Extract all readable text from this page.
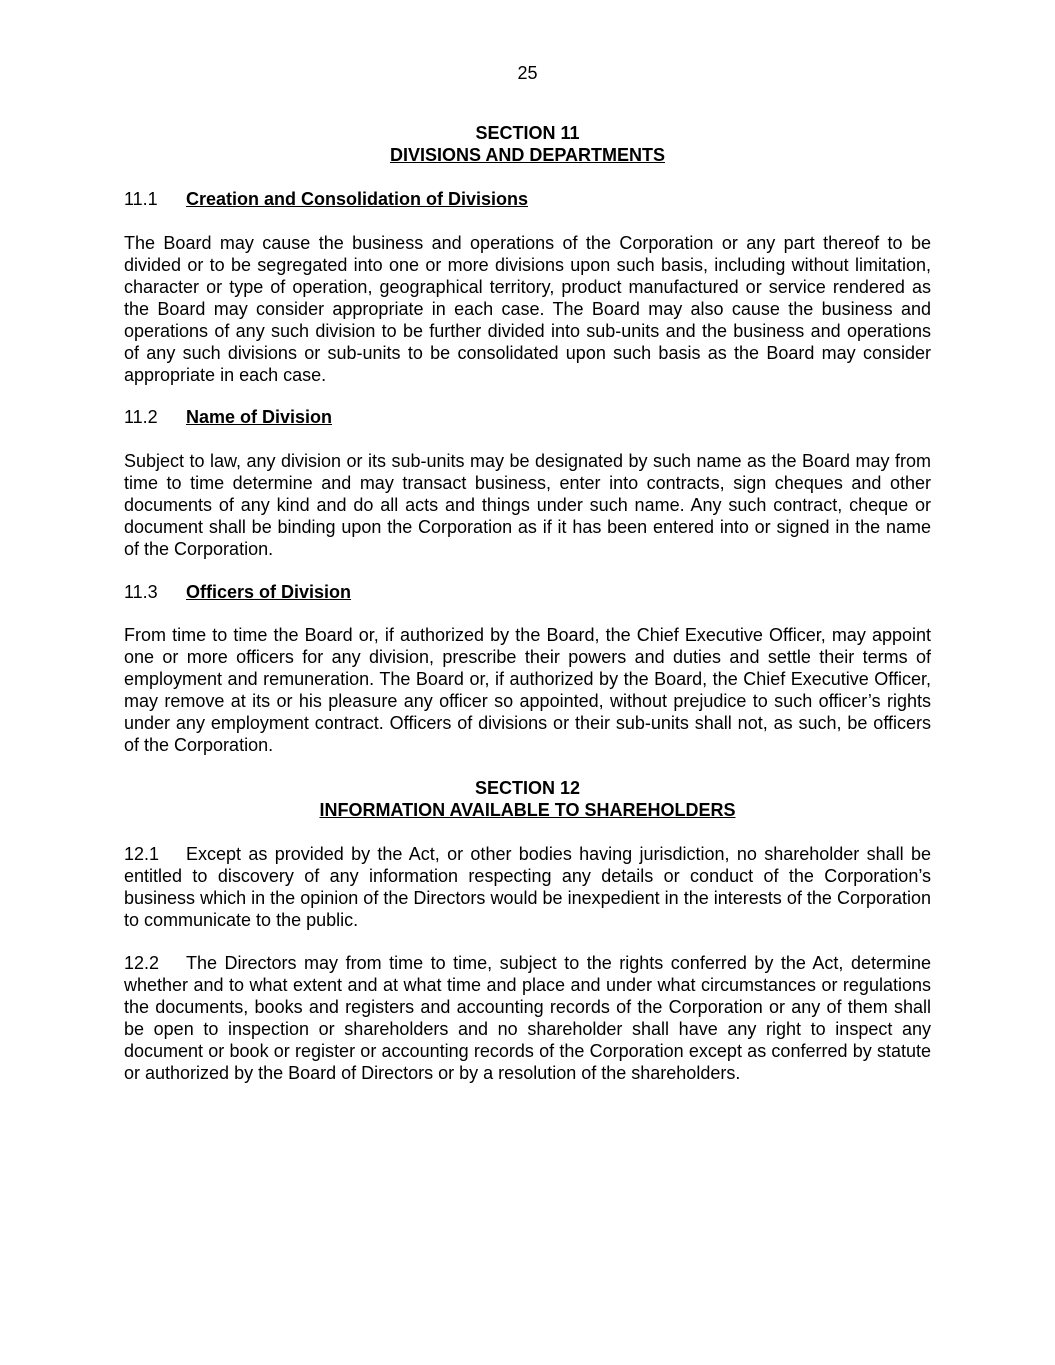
25

SECTION 11
DIVISIONS AND DEPARTMENTS
11.1 Creation and Consolidation of Divisions

The Board may cause the business and operations of the Corporation or any part thereof to be divided or to be segregated into one or more divisions upon such basis, including without limitation, character or type of operation, geographical territory, product manufactured or service rendered as the Board may consider appropriate in each case. The Board may also cause the business and operations of any such division to be further divided into sub-units and the business and operations of any such divisions or sub-units to be consolidated upon such basis as the Board may consider appropriate in each case.

11.2 Name of Division

Subject to law, any division or its sub-units may be designated by such name as the Board may from time to time determine and may transact business, enter into contracts, sign cheques and other documents of any kind and do all acts and things under such name. Any such contract, cheque or document shall be binding upon the Corporation as if it has been entered into or signed in the name of the Corporation.

11.3 Officers of Division

From time to time the Board or, if authorized by the Board, the Chief Executive Officer, may appoint one or more officers for any division, prescribe their powers and duties and settle their terms of employment and remuneration. The Board or, if authorized by the Board, the Chief Executive Officer, may remove at its or his pleasure any officer so appointed, without prejudice to such officer’s rights under any employment contract. Officers of divisions or their sub-units shall not, as such, be officers of the Corporation.

SECTION 12
INFORMATION AVAILABLE TO SHAREHOLDERS

12.1 Except as provided by the Act, or other bodies having jurisdiction, no shareholder shall be entitled to discovery of any information respecting any details or conduct of the Corporation’s business which in the opinion of the Directors would be inexpedient in the interests of the Corporation to communicate to the public.

12.2 The Directors may from time to time, subject to the rights conferred by the Act, determine whether and to what extent and at what time and place and under what circumstances or regulations the documents, books and registers and accounting records of the Corporation or any of them shall be open to inspection or shareholders and no shareholder shall have any right to inspect any document or book or register or accounting records of the Corporation except as conferred by statute or authorized by the Board of Directors or by a resolution of the shareholders.
